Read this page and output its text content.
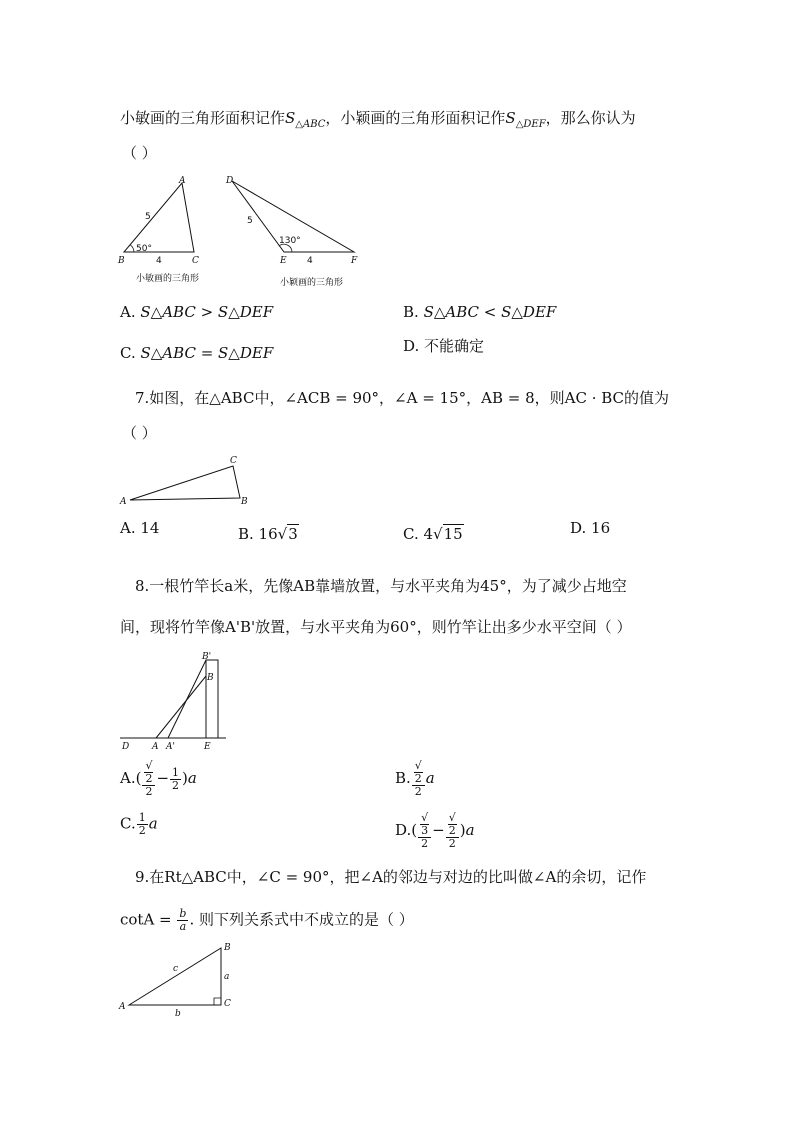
小敏画的三角形面积记作$S_{\triangle ABC}$，小颖画的三角形面积记作$S_{\triangle DEF}$，那么你认为
（ ）
A
B	C
5
4
50°
小敏画的三角形
D
E	F
5
4
130°
小颖画的三角形
A. S△ABC > S△DEF	B. S△ABC < S△DEF
C. S△ABC = S△DEF	D. 不能确定
7.如图，在△ABC中，∠ACB = 90°，∠A = 15°，AB = 8，则AC · BC的值为
（ ）
A	B
C
A. 14	B. 16√3	C. 4√15	D. 16
8.一根竹竿长a米，先像AB靠墙放置，与水平夹角为45°，为了减少占地空
间，现将竹竿像A'B'放置，与水平夹角为60°，则竹竿让出多少水平空间（ ）
B'
B
D	A A'	E
A.( √
2
$2 - \frac{1}{2} )a$	B. √
2
2 a
C. $\frac{1}{2}$ a	D.( √
3
2 − √
2
2 )a
9.在Rt△ABC中，∠C = 90°，把∠A的邻边与对边的比叫做∠A的余切，记作
$\cot A = \frac{b}{a}$ . 则下列关系式中不成立的是（ ）
A
B
C
a
b
c
